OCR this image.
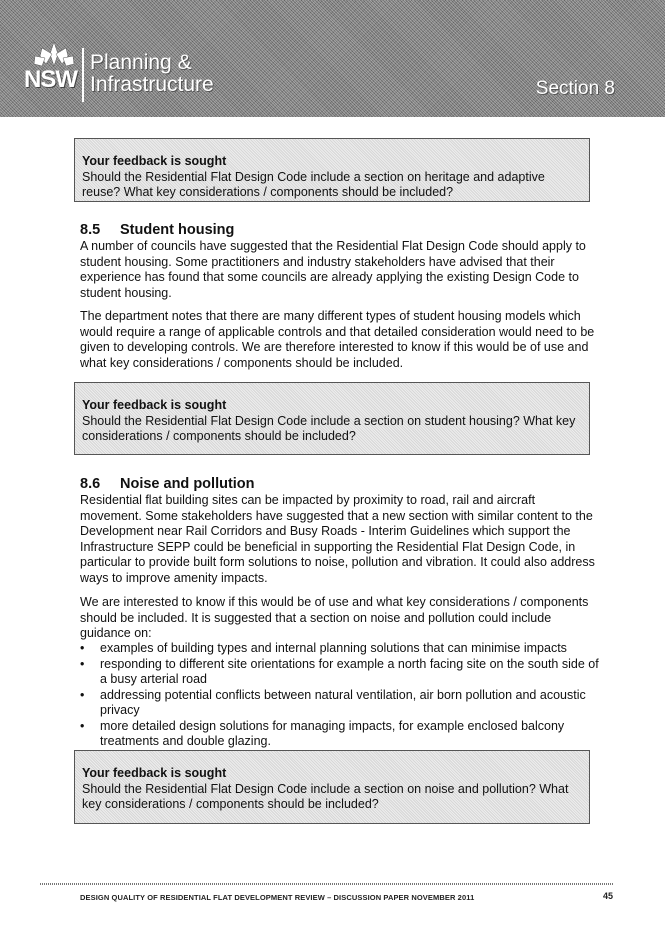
NSW
Planning &
Infrastructure	Section 8
Your feedback is sought
Should the Residential Flat Design Code include a section on heritage and adaptive reuse? What key considerations / components should be included?
8.5 Student housing

A number of councils have suggested that the Residential Flat Design Code should apply to student housing. Some practitioners and industry stakeholders have advised that their experience has found that some councils are already applying the existing Design Code to student housing.

The department notes that there are many different types of student housing models which would require a range of applicable controls and that detailed consideration would need to be given to developing controls. We are therefore interested to know if this would be of use and what key considerations / components should be included.

Your feedback is sought
Should the Residential Flat Design Code include a section on student housing? What key considerations / components should be included?
8.6 Noise and pollution

Residential flat building sites can be impacted by proximity to road, rail and aircraft movement. Some stakeholders have suggested that a new section with similar content to the Development near Rail Corridors and Busy Roads - Interim Guidelines which support the Infrastructure SEPP could be beneficial in supporting the Residential Flat Design Code, in particular to provide built form solutions to noise, pollution and vibration. It could also address ways to improve amenity impacts.

We are interested to know if this would be of use and what key considerations / components should be included. It is suggested that a section on noise and pollution could include guidance on:

• examples of building types and internal planning solutions that can minimise impacts
• responding to different site orientations for example a north facing site on the south side of a busy arterial road
• addressing potential conflicts between natural ventilation, air born pollution and acoustic privacy
• more detailed design solutions for managing impacts, for example enclosed balcony treatments and double glazing.
Your feedback is sought
Should the Residential Flat Design Code include a section on noise and pollution? What key considerations / components should be included?
DESIGN QUALITY OF RESIDENTIAL FLAT DEVELOPMENT REVIEW – DISCUSSION PAPER NOVEMBER 2011	45
